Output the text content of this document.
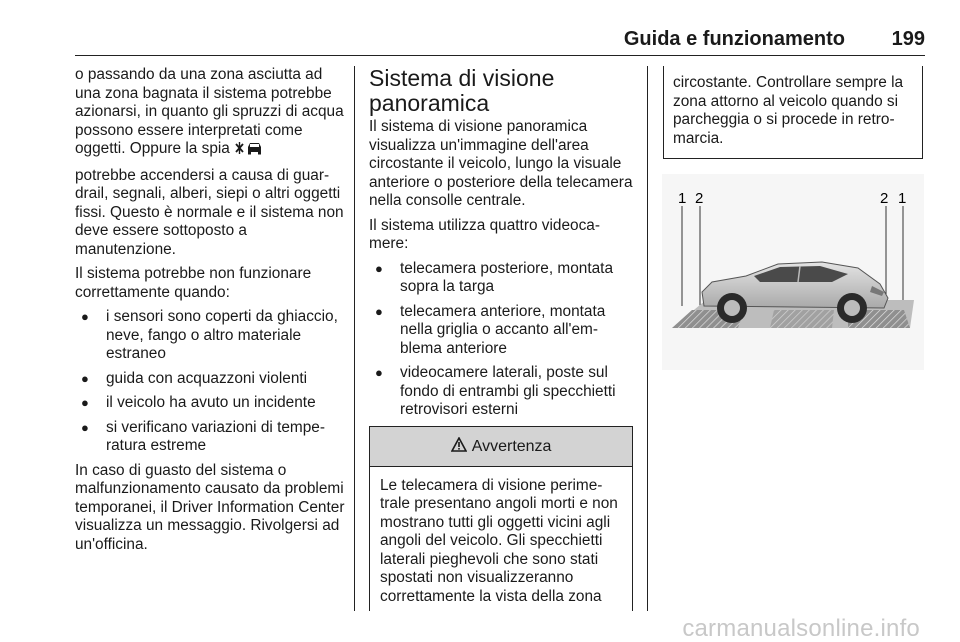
Guida e funzionamento 199

o passando da una zona asciutta ad una zona bagnata il sistema potrebbe azionarsi, in quanto gli spruzzi di acqua possono essere interpretati come oggetti. Oppure la spia

potrebbe accendersi a causa di guardrail, segnali, alberi, siepi o altri oggetti fissi. Questo è normale e il sistema non deve essere sottoposto a manutenzione.

Il sistema potrebbe non funzionare correttamente quando:

● i sensori sono coperti da ghiaccio, neve, fango o altro materiale estraneo
● guida con acquazzoni violenti
● il veicolo ha avuto un incidente
● si verificano variazioni di temperatura estreme

In caso di guasto del sistema o malfunzionamento causato da problemi temporanei, il Driver Information Center visualizza un messaggio. Rivolgersi ad un'officina.

Sistema di visione
panoramica

Il sistema di visione panoramica visualizza un'immagine dell'area circostante il veicolo, lungo la visuale anteriore o posteriore della telecamera nella consolle centrale.

Il sistema utilizza quattro videocamere:

● telecamera posteriore, montata sopra la targa
● telecamera anteriore, montata nella griglia o accanto all'emblema anteriore
● videocamere laterali, poste sul fondo di entrambi gli specchietti retrovisori esterni
Avvertenza
Le telecamera di visione perimetrale presentano angoli morti e non mostrano tutti gli oggetti vicini agli angoli del veicolo. Gli specchietti laterali pieghevoli che sono stati spostati non visualizzeranno correttamente la vista della zona
circostante. Controllare sempre la zona attorno al veicolo quando si parcheggia o si procede in retromarcia.
1 2	2 1
carmanualsonline.info
